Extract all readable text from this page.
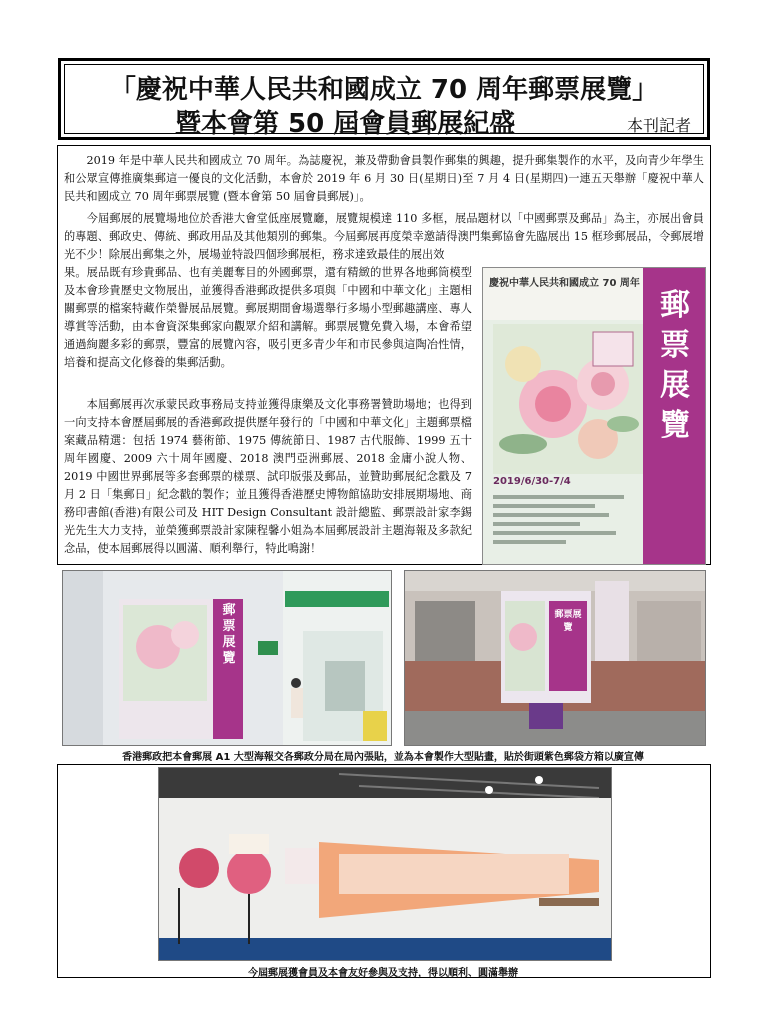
「慶祝中華人民共和國成立 70 周年郵票展覽」
暨本會第 50 屆會員郵展紀盛	本刊記者

　　2019 年是中華人民共和國成立 70 周年。為誌慶祝，兼及帶動會員製作郵集的興趣，提升郵集製作的水平，及向青少年學生和公眾宣傳推廣集郵這一優良的文化活動，本會於 2019 年 6 月 30 日(星期日)至 7 月 4 日(星期四)一連五天舉辦「慶祝中華人民共和國成立 70 周年郵票展覽 (暨本會第 50 屆會員郵展)」。

　　今屆郵展的展覽場地位於香港大會堂低座展覽廳，展覽規模達 110 多框，展品題材以「中國郵票及郵品」為主，亦展出會員的專題、郵政史、傳統、郵政用品及其他類別的郵集。今屆郵展再度榮幸邀請得澳門集郵協會先臨展出 15 框珍郵展品，令郵展增光不少！除展出郵集之外，展場並特設四個珍郵展柜，務求達致最佳的展出效

果。展品既有珍貴郵品、也有美麗奪目的外國郵票，還有精緻的世界各地郵筒模型及本會珍貴歷史文物展出，並獲得香港郵政提供多項與「中國和中華文化」主題相關郵票的檔案特藏作榮譽展品展覽。郵展期間會場選舉行多場小型郵趣講座、專人導賞等活動，由本會資深集郵家向觀眾介紹和講解。郵票展覽免費入場，本會希望通過絢麗多彩的郵票，豐富的展覽內容，吸引更多青少年和市民參與這陶冶性情，培養和提高文化修養的集郵活動。

　　本屆郵展再次承蒙民政事務局支持並獲得康樂及文化事務署贊助場地；也得到一向支持本會歷屆郵展的香港郵政提供歷年發行的「中國和中華文化」主題郵票檔案藏品精選：包括 1974 藝術節、1975 傳統節日、1987 古代服飾、1999 五十周年國慶、2009 六十周年國慶、2018 澳門亞洲郵展、2018 金庸小說人物、2019 中國世界郵展等多套郵票的樣票、試印版張及郵品，並贊助郵展紀念戳及 7 月 2 日「集郵日」紀念戳的製作；並且獲得香港歷史博物館協助安排展期場地、商務印書館(香港)有限公司及 HIT Design Consultant 設計總監、郵票設計家李錫光先生大力支持，並榮獲郵票設計家陳程馨小姐為本屆郵展設計主題海報及多款紀念品，使本屆郵展得以圓滿、順利舉行，特此鳴謝！

慶祝中華人民共和國成立 70 周年
2019/6/30-7/4
郵
票
展
覽
郵
票
展
覽
郵票展覽
香港郵政把本會郵展 A1 大型海報交各郵政分局在局內張貼，並為本會製作大型貼畫，貼於街頭紫色郵袋方箱以廣宣傳
今屆郵展獲會員及本會友好參與及支持，得以順利、圓滿舉辦
